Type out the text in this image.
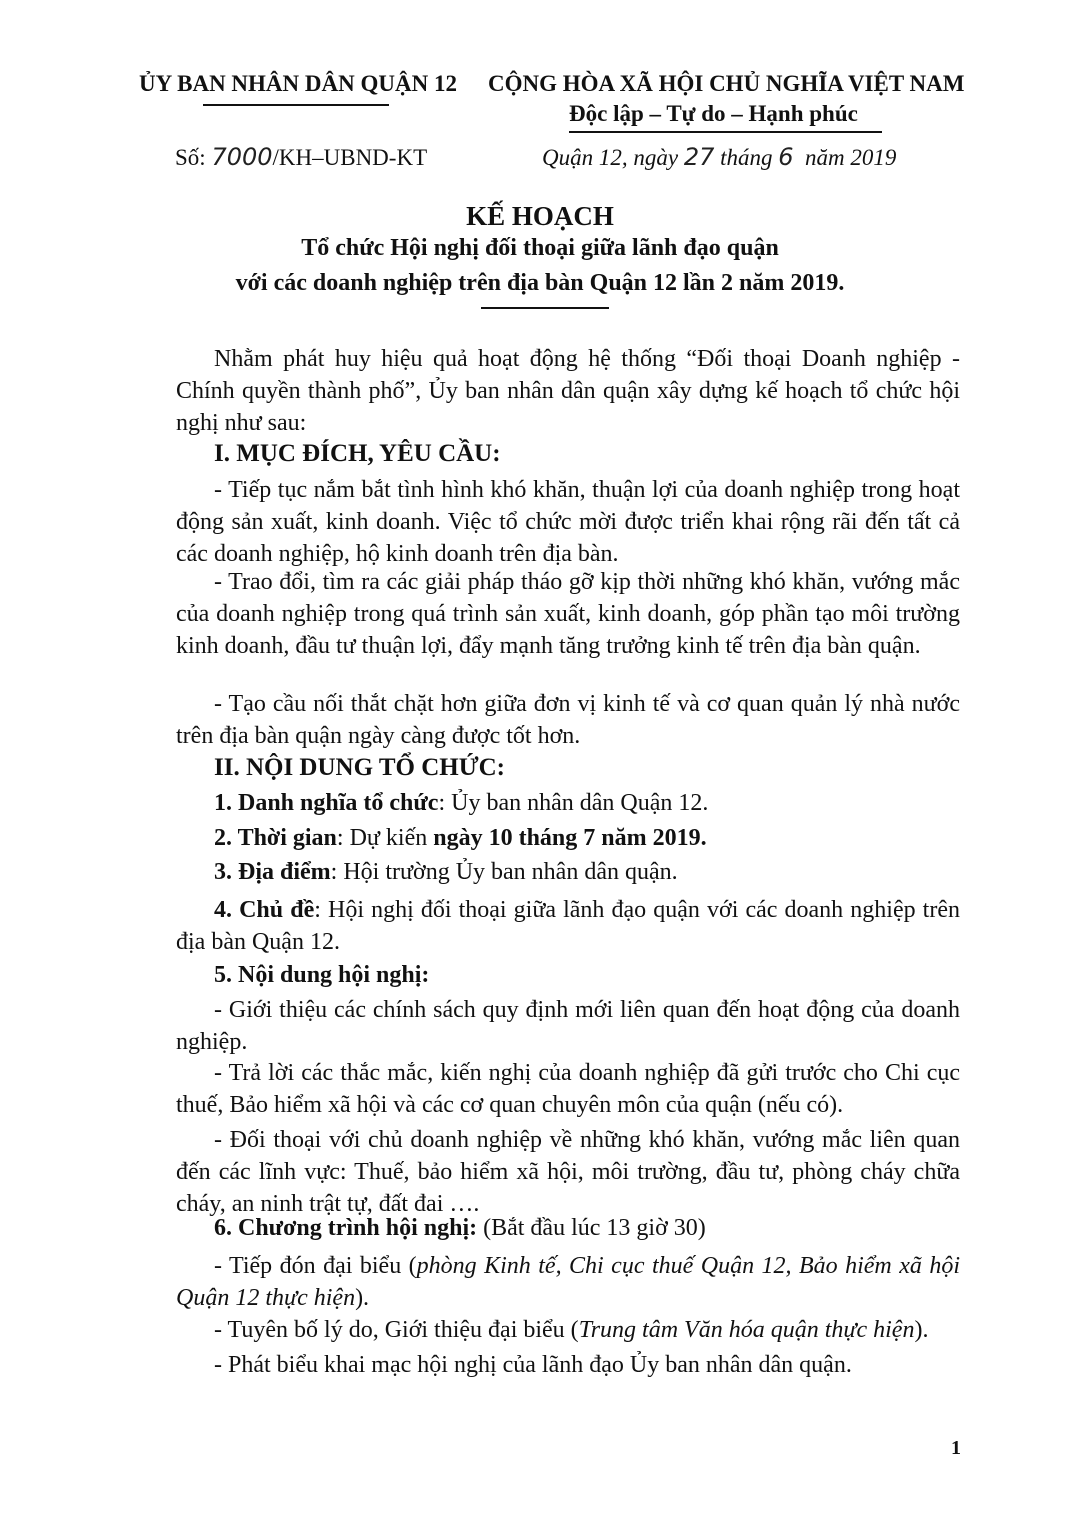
ỦY BAN NHÂN DÂN QUẬN 12 CỘNG HÒA XÃ HỘI CHỦ NGHĨA VIỆT NAM
Độc lập – Tự do – Hạnh phúc
Số: 7000/KH–UBND-KT	Quận 12, ngày 27 tháng 6 năm 2019
KẾ HOẠCH
Tổ chức Hội nghị đối thoại giữa lãnh đạo quận
với các doanh nghiệp trên địa bàn Quận 12 lần 2 năm 2019.
Nhằm phát huy hiệu quả hoạt động hệ thống “Đối thoại Doanh nghiệp - Chính quyền thành phố”, Ủy ban nhân dân quận xây dựng kế hoạch tổ chức hội nghị như sau:
I. MỤC ĐÍCH, YÊU CẦU:
- Tiếp tục nắm bắt tình hình khó khăn, thuận lợi của doanh nghiệp trong hoạt động sản xuất, kinh doanh. Việc tổ chức mời được triển khai rộng rãi đến tất cả các doanh nghiệp, hộ kinh doanh trên địa bàn.
- Trao đổi, tìm ra các giải pháp tháo gỡ kịp thời những khó khăn, vướng mắc của doanh nghiệp trong quá trình sản xuất, kinh doanh, góp phần tạo môi trường kinh doanh, đầu tư thuận lợi, đẩy mạnh tăng trưởng kinh tế trên địa bàn quận.
- Tạo cầu nối thắt chặt hơn giữa đơn vị kinh tế và cơ quan quản lý nhà nước trên địa bàn quận ngày càng được tốt hơn.
II. NỘI DUNG TỔ CHỨC:
1. Danh nghĩa tổ chức: Ủy ban nhân dân Quận 12.
2. Thời gian: Dự kiến ngày 10 tháng 7 năm 2019.
3. Địa điểm: Hội trường Ủy ban nhân dân quận.
4. Chủ đề: Hội nghị đối thoại giữa lãnh đạo quận với các doanh nghiệp trên địa bàn Quận 12.
5. Nội dung hội nghị:
- Giới thiệu các chính sách quy định mới liên quan đến hoạt động của doanh nghiệp.
- Trả lời các thắc mắc, kiến nghị của doanh nghiệp đã gửi trước cho Chi cục thuế, Bảo hiểm xã hội và các cơ quan chuyên môn của quận (nếu có).
- Đối thoại với chủ doanh nghiệp về những khó khăn, vướng mắc liên quan đến các lĩnh vực: Thuế, bảo hiểm xã hội, môi trường, đầu tư, phòng cháy chữa cháy, an ninh trật tự, đất đai ….
6. Chương trình hội nghị: (Bắt đầu lúc 13 giờ 30)
- Tiếp đón đại biểu (phòng Kinh tế, Chi cục thuế Quận 12, Bảo hiểm xã hội Quận 12 thực hiện).
- Tuyên bố lý do, Giới thiệu đại biểu (Trung tâm Văn hóa quận thực hiện).
- Phát biểu khai mạc hội nghị của lãnh đạo Ủy ban nhân dân quận.
1
